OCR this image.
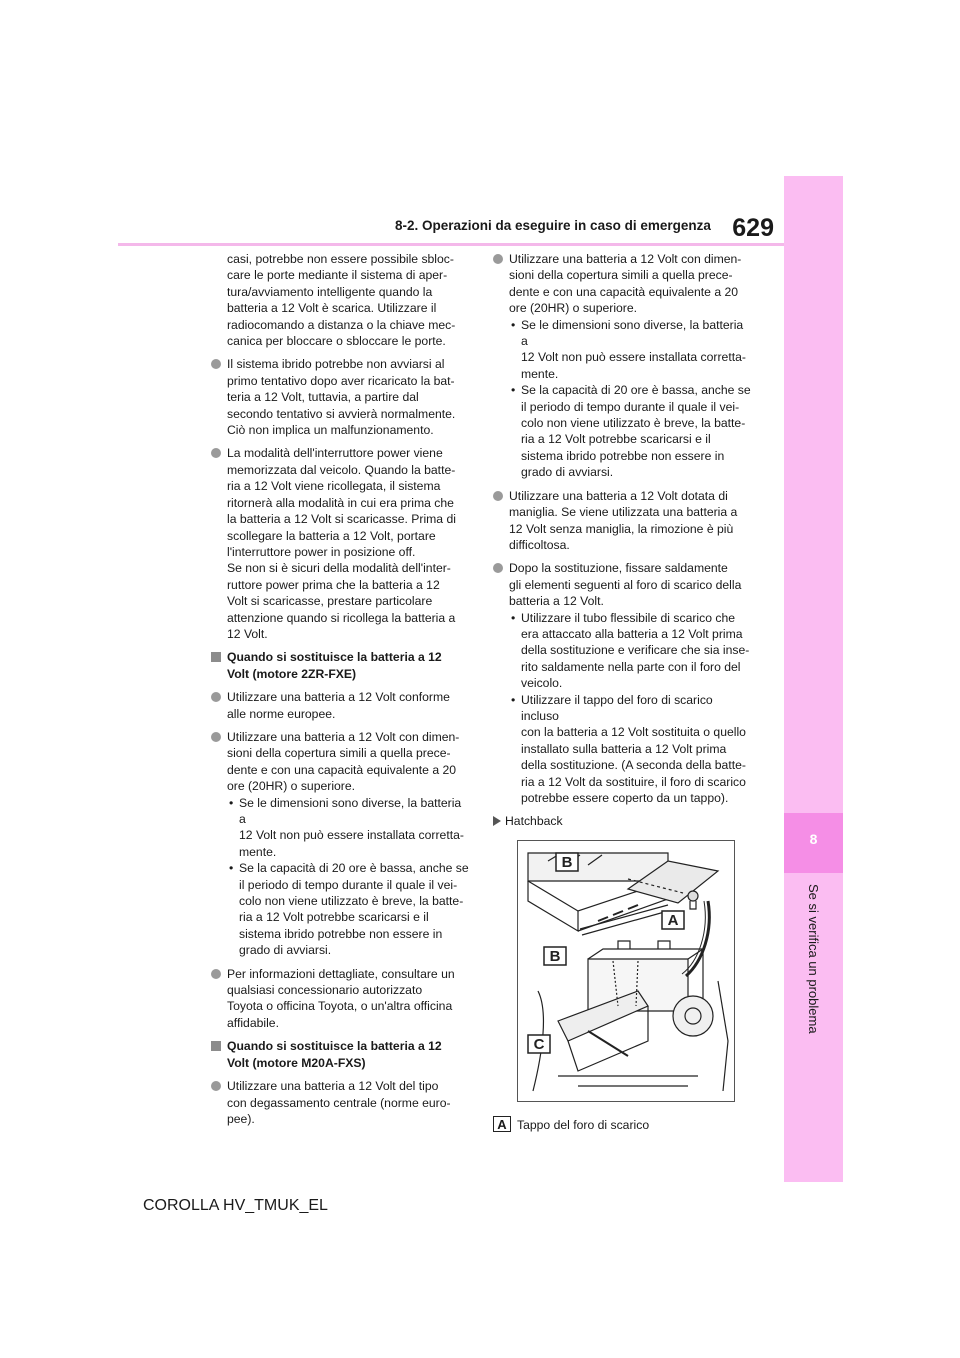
8
Se si verifica un problema
8-2. Operazioni da eseguire in caso di emergenza 629
casi, potrebbe non essere possibile sbloc-
care le porte mediante il sistema di aper-
tura/avviamento intelligente quando la
batteria a 12 Volt è scarica. Utilizzare il
radiocomando a distanza o la chiave mec-
canica per bloccare o sbloccare le porte.
Il sistema ibrido potrebbe non avviarsi al
primo tentativo dopo aver ricaricato la bat-
teria a 12 Volt, tuttavia, a partire dal
secondo tentativo si avvierà normalmente.
Ciò non implica un malfunzionamento.
La modalità dell'interruttore power viene
memorizzata dal veicolo. Quando la batte-
ria a 12 Volt viene ricollegata, il sistema
ritornerà alla modalità in cui era prima che
la batteria a 12 Volt si scaricasse. Prima di
scollegare la batteria a 12 Volt, portare
l'interruttore power in posizione off.
Se non si è sicuri della modalità dell'inter-
ruttore power prima che la batteria a 12
Volt si scaricasse, prestare particolare
attenzione quando si ricollega la batteria a
12 Volt.
Quando si sostituisce la batteria a 12
Volt (motore 2ZR-FXE)
Utilizzare una batteria a 12 Volt conforme
alle norme europee.
Utilizzare una batteria a 12 Volt con dimen-
sioni della copertura simili a quella prece-
dente e con una capacità equivalente a 20
ore (20HR) o superiore.
• Se le dimensioni sono diverse, la batteria a
12 Volt non può essere installata corretta-
mente.
• Se la capacità di 20 ore è bassa, anche se
il periodo di tempo durante il quale il vei-
colo non viene utilizzato è breve, la batte-
ria a 12 Volt potrebbe scaricarsi e il
sistema ibrido potrebbe non essere in
grado di avviarsi.
Per informazioni dettagliate, consultare un
qualsiasi concessionario autorizzato
Toyota o officina Toyota, o un'altra officina
affidabile.
Quando si sostituisce la batteria a 12
Volt (motore M20A-FXS)
Utilizzare una batteria a 12 Volt del tipo
con degassamento centrale (norme euro-
pee).
Utilizzare una batteria a 12 Volt con dimen-
sioni della copertura simili a quella prece-
dente e con una capacità equivalente a 20
ore (20HR) o superiore.
• Se le dimensioni sono diverse, la batteria a
12 Volt non può essere installata corretta-
mente.
• Se la capacità di 20 ore è bassa, anche se
il periodo di tempo durante il quale il vei-
colo non viene utilizzato è breve, la batte-
ria a 12 Volt potrebbe scaricarsi e il
sistema ibrido potrebbe non essere in
grado di avviarsi.
Utilizzare una batteria a 12 Volt dotata di
maniglia. Se viene utilizzata una batteria a
12 Volt senza maniglia, la rimozione è più
difficoltosa.
Dopo la sostituzione, fissare saldamente
gli elementi seguenti al foro di scarico della
batteria a 12 Volt.
• Utilizzare il tubo flessibile di scarico che
era attaccato alla batteria a 12 Volt prima
della sostituzione e verificare che sia inse-
rito saldamente nella parte con il foro del
veicolo.
• Utilizzare il tappo del foro di scarico incluso
con la batteria a 12 Volt sostituita o quello
installato sulla batteria a 12 Volt prima
della sostituzione. (A seconda della batte-
ria a 12 Volt da sostituire, il foro di scarico
potrebbe essere coperto da un tappo).
Hatchback
B
A
B
C
A Tappo del foro di scarico
COROLLA HV_TMUK_EL
